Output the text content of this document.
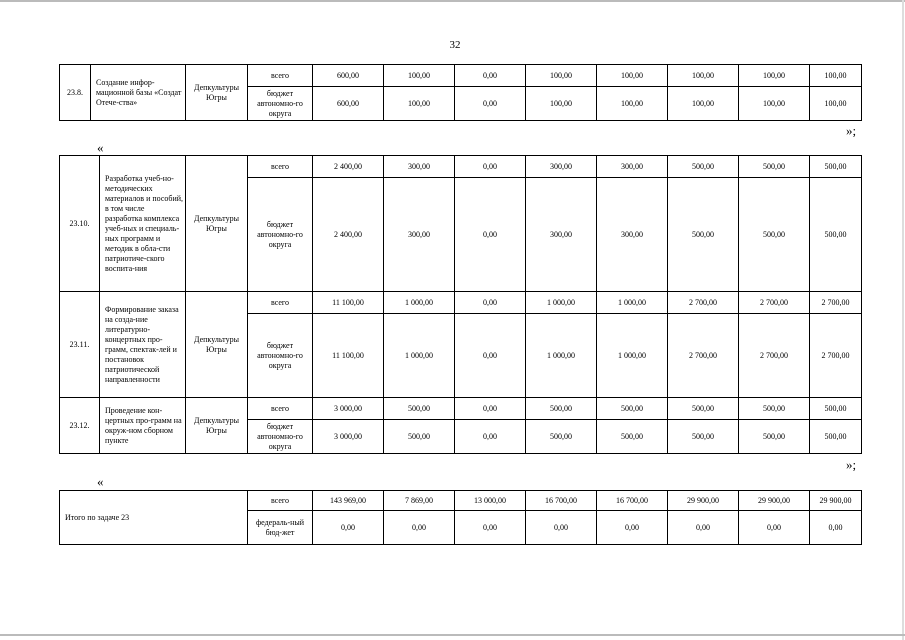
32
23.8.	Создание инфор-мационной базы «Создат Отече-ства»	Депкультуры Югры	всего	600,00	100,00	0,00	100,00	100,00	100,00	100,00	100,00
			бюджет автономно-го округа	600,00	100,00	0,00	100,00	100,00	100,00	100,00	100,00
»;
«
23.10.	Разработка учеб-но-методических материалов и пособий, в том числе разработка комплекса учеб-ных и специаль-ных программ и методик в обла-сти патриотиче-ского воспита-ния	Депкультуры Югры	всего	2 400,00	300,00	0,00	300,00	300,00	500,00	500,00	500,00
			бюджет автономно-го округа	2 400,00	300,00	0,00	300,00	300,00	500,00	500,00	500,00
23.11.	Формирование заказа на созда-ние литературно-концертных про-грамм, спектак-лей и постановок патриотической направленности	Депкультуры Югры	всего	11 100,00	1 000,00	0,00	1 000,00	1 000,00	2 700,00	2 700,00	2 700,00
			бюджет автономно-го округа	11 100,00	1 000,00	0,00	1 000,00	1 000,00	2 700,00	2 700,00	2 700,00
23.12.	Проведение кон-цертных про-грамм на окруж-ном сборном пункте	Депкультуры Югры	всего	3 000,00	500,00	0,00	500,00	500,00	500,00	500,00	500,00
			бюджет автономно-го округа	3 000,00	500,00	0,00	500,00	500,00	500,00	500,00	500,00
»;
«
Итого по задаче 23	всего	143 969,00	7 869,00	13 000,00	16 700,00	16 700,00	29 900,00	29 900,00	29 900,00
	федераль-ный бюд-жет	0,00	0,00	0,00	0,00	0,00	0,00	0,00	0,00
